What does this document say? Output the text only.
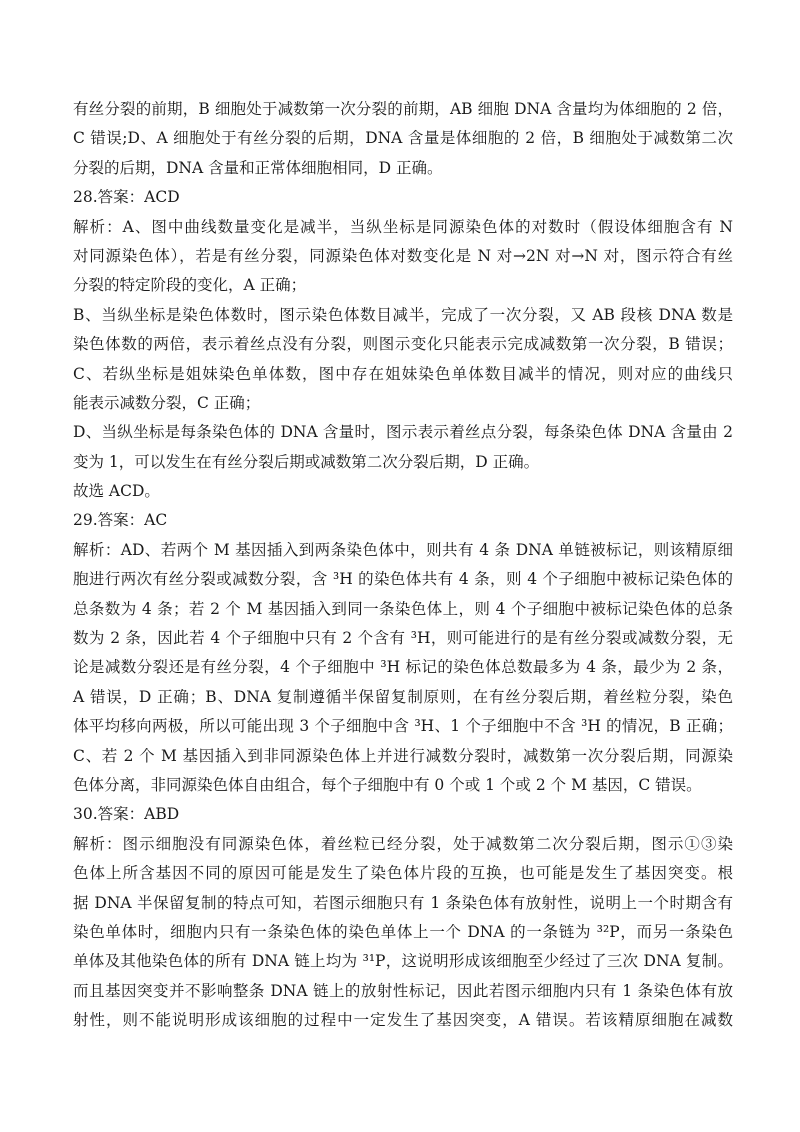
有丝分裂的前期，B 细胞处于减数第一次分裂的前期，AB 细胞 DNA 含量均为体细胞的 2 倍，
C 错误;D、A 细胞处于有丝分裂的后期，DNA 含量是体细胞的 2 倍，B 细胞处于减数第二次
分裂的后期，DNA 含量和正常体细胞相同，D 正确。
28.答案：ACD
解析：A、图中曲线数量变化是减半，当纵坐标是同源染色体的对数时（假设体细胞含有 N
对同源染色体），若是有丝分裂，同源染色体对数变化是 N 对→2N 对→N 对，图示符合有丝
分裂的特定阶段的变化，A 正确；
B、当纵坐标是染色体数时，图示染色体数目减半，完成了一次分裂，又 AB 段核 DNA 数是
染色体数的两倍，表示着丝点没有分裂，则图示变化只能表示完成减数第一次分裂，B 错误；
C、若纵坐标是姐妹染色单体数，图中存在姐妹染色单体数目减半的情况，则对应的曲线只
能表示减数分裂，C 正确；
D、当纵坐标是每条染色体的 DNA 含量时，图示表示着丝点分裂，每条染色体 DNA 含量由 2
变为 1，可以发生在有丝分裂后期或减数第二次分裂后期，D 正确。
故选 ACD。
29.答案：AC
解析：AD、若两个 M 基因插入到两条染色体中，则共有 4 条 DNA 单链被标记，则该精原细
胞进行两次有丝分裂或减数分裂，含 ³H 的染色体共有 4 条，则 4 个子细胞中被标记染色体的
总条数为 4 条；若 2 个 M 基因插入到同一条染色体上，则 4 个子细胞中被标记染色体的总条
数为 2 条，因此若 4 个子细胞中只有 2 个含有 ³H，则可能进行的是有丝分裂或减数分裂，无
论是减数分裂还是有丝分裂，4 个子细胞中 ³H 标记的染色体总数最多为 4 条，最少为 2 条，
A 错误，D 正确；B、DNA 复制遵循半保留复制原则，在有丝分裂后期，着丝粒分裂，染色
体平均移向两极，所以可能出现 3 个子细胞中含 ³H、1 个子细胞中不含 ³H 的情况，B 正确；
C、若 2 个 M 基因插入到非同源染色体上并进行减数分裂时，减数第一次分裂后期，同源染
色体分离，非同源染色体自由组合，每个子细胞中有 0 个或 1 个或 2 个 M 基因，C 错误。
30.答案：ABD
解析：图示细胞没有同源染色体，着丝粒已经分裂，处于减数第二次分裂后期，图示①③染
色体上所含基因不同的原因可能是发生了染色体片段的互换，也可能是发生了基因突变。根
据 DNA 半保留复制的特点可知，若图示细胞只有 1 条染色体有放射性，说明上一个时期含有
染色单体时，细胞内只有一条染色体的染色单体上一个 DNA 的一条链为 ³²P，而另一条染色
单体及其他染色体的所有 DNA 链上均为 ³¹P，这说明形成该细胞至少经过了三次 DNA 复制。
而且基因突变并不影响整条 DNA 链上的放射性标记，因此若图示细胞内只有 1 条染色体有放
射性，则不能说明形成该细胞的过程中一定发生了基因突变，A 错误。若该精原细胞在减数
